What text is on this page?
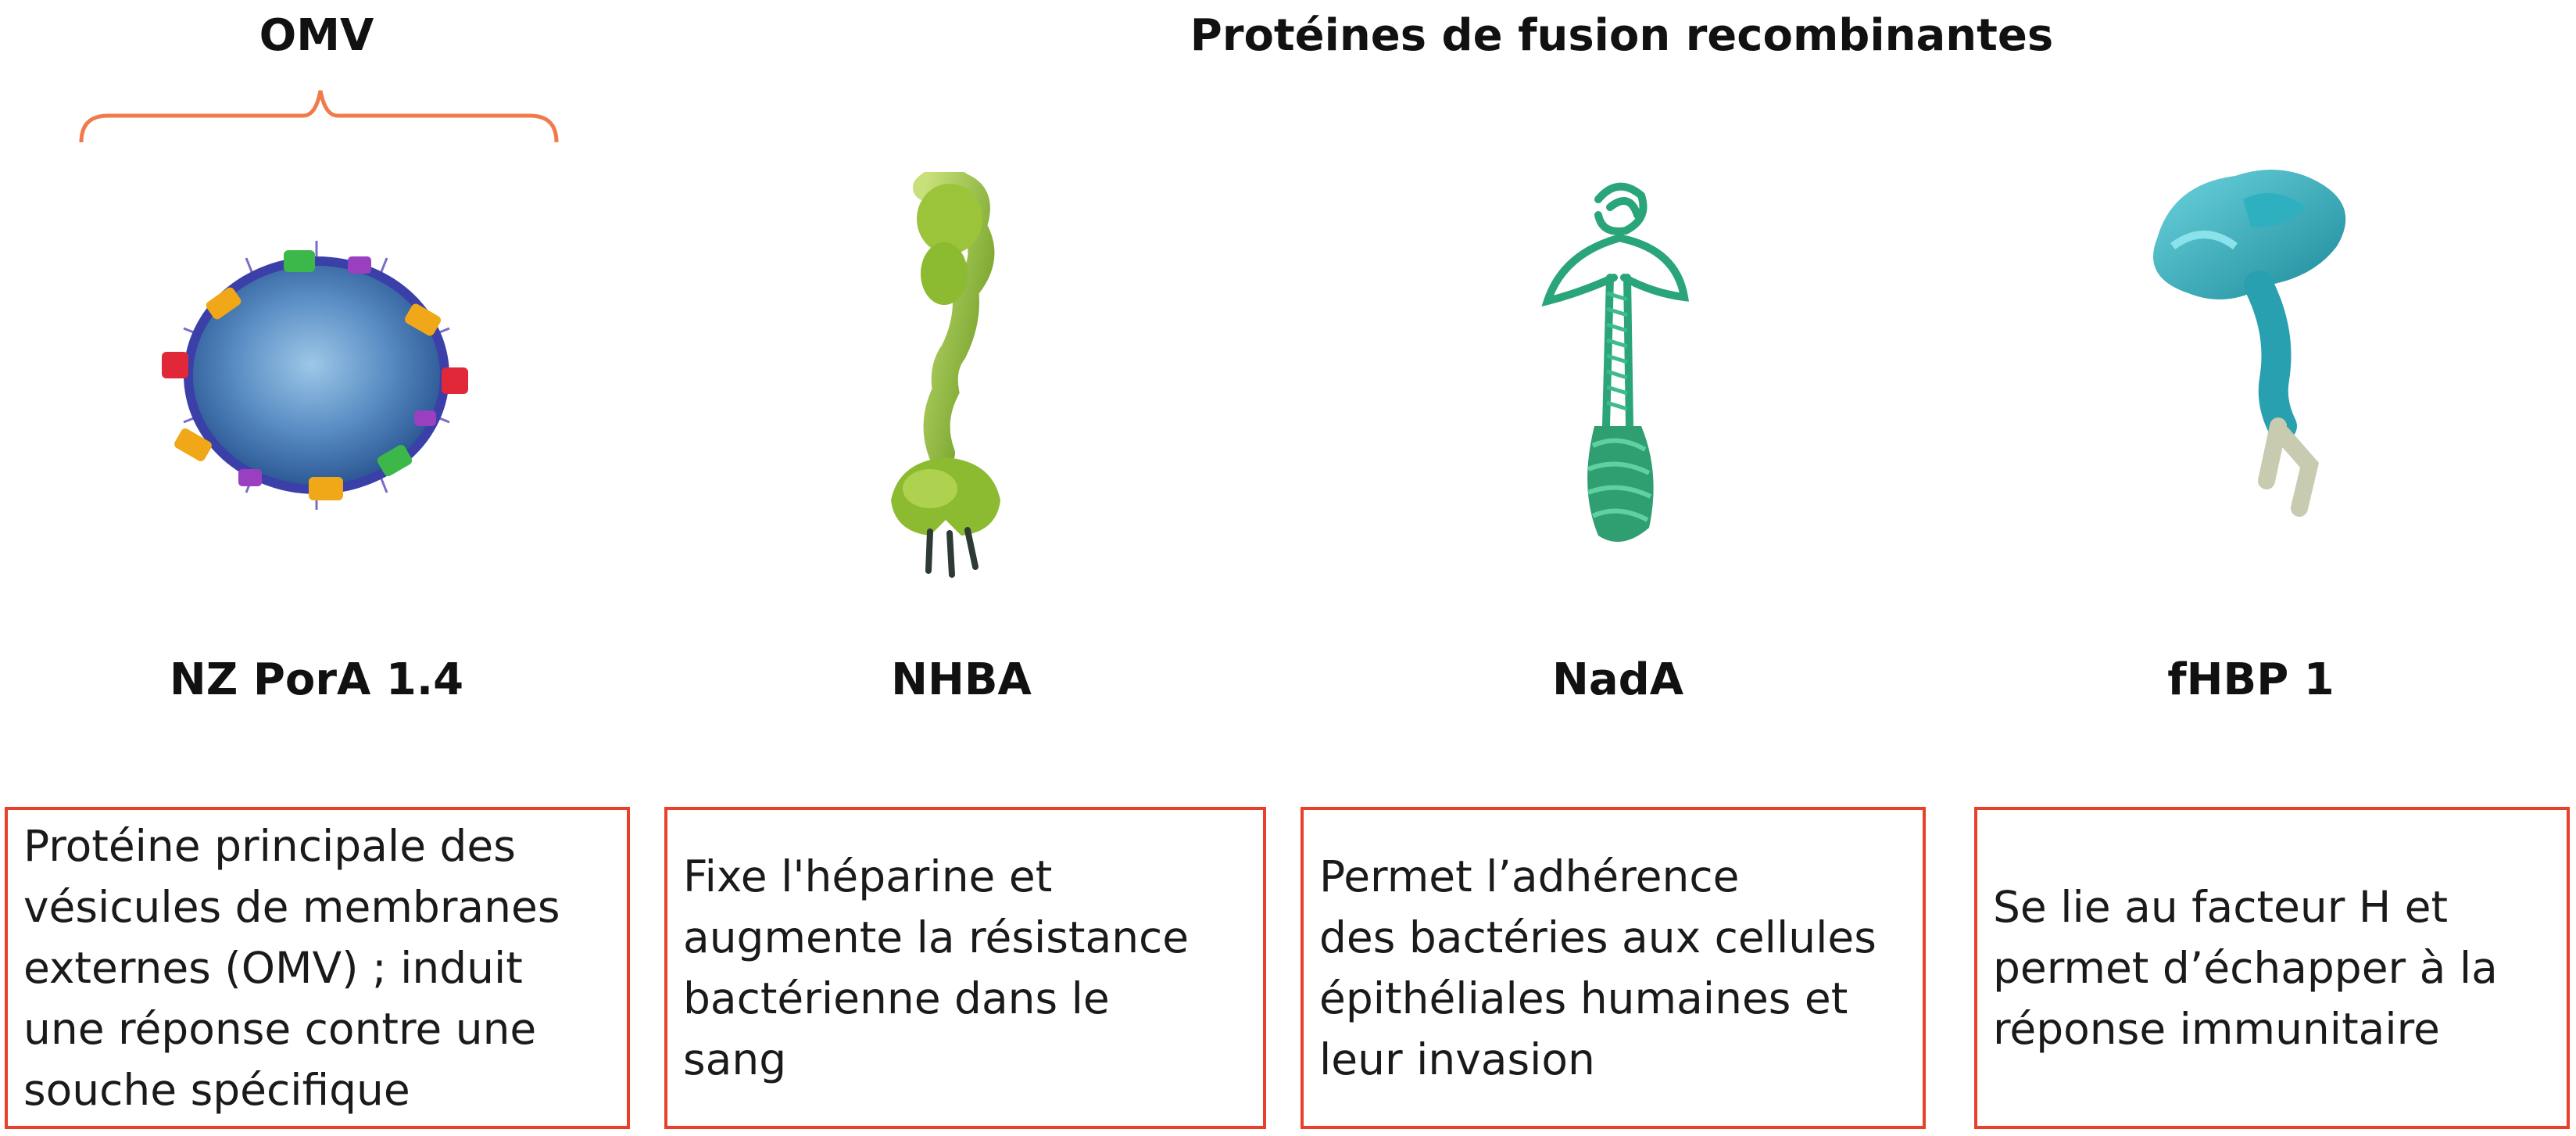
OMV	Protéines de fusion recombinantes
NZ PorA 1.4	NHBA	NadA	fHBP 1
Protéine principale des
vésicules de membranes
externes (OMV) ; induit
une réponse contre une
souche spécifique
Fixe l'héparine et
augmente la résistance
bactérienne dans le
sang
Permet l’adhérence
des bactéries aux cellules
épithéliales humaines et
leur invasion
Se lie au facteur H et
permet d’échapper à la
réponse immunitaire
